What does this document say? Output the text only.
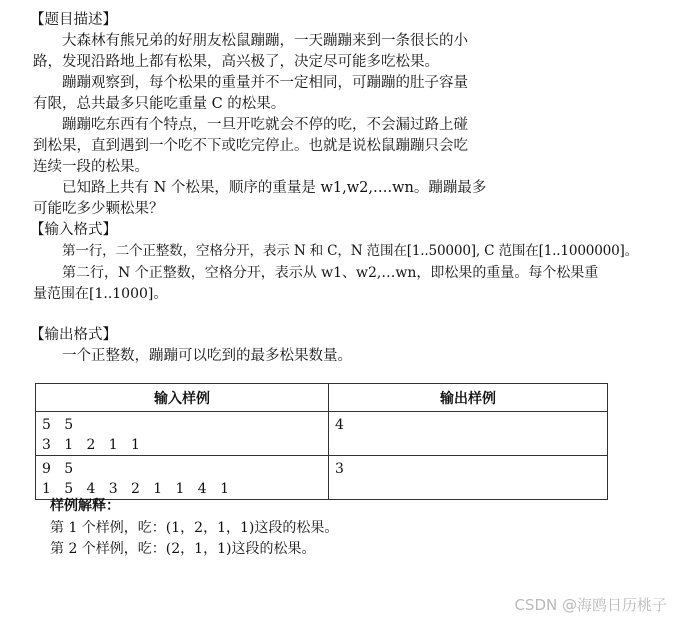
【题目描述】
大森林有熊兄弟的好朋友松鼠蹦蹦，一天蹦蹦来到一条很长的小
路，发现沿路地上都有松果，高兴极了，决定尽可能多吃松果。
蹦蹦观察到，每个松果的重量并不一定相同，可蹦蹦的肚子容量
有限，总共最多只能吃重量 C 的松果。
蹦蹦吃东西有个特点，一旦开吃就会不停的吃，不会漏过路上碰
到松果，直到遇到一个吃不下或吃完停止。也就是说松鼠蹦蹦只会吃
连续一段的松果。
已知路上共有 N 个松果，顺序的重量是 w1,w2,….wn。蹦蹦最多
可能吃多少颗松果？
【输入格式】
第一行，二个正整数，空格分开，表示 N 和 C，N 范围在[1..50000], C 范围在[1..1000000]。
第二行，N 个正整数，空格分开，表示从 w1、w2,…wn，即松果的重量。每个松果重
量范围在[1..1000]。
【输出格式】
一个正整数，蹦蹦可以吃到的最多松果数量。
输入样例	输出样例

5   5
3   1   2   1   1	4

9   5
1   5   4   3   2   1   1   4   1	3
样例解释：
第 1 个样例，吃：(1，2，1，1)这段的松果。
第 2 个样例，吃：(2，1，1)这段的松果。
CSDN @海鸥日历桃子
